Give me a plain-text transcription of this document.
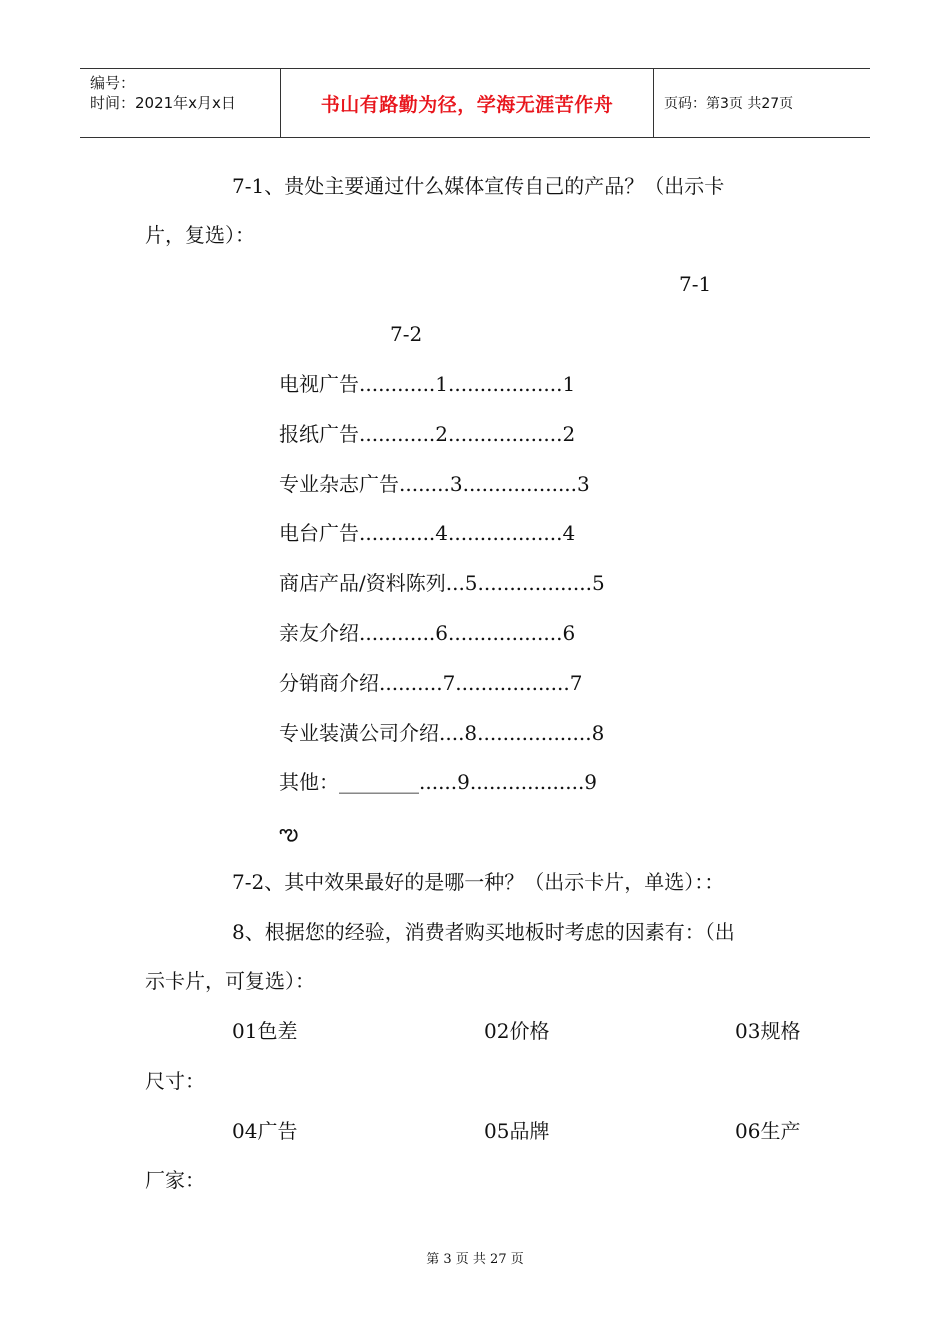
编号：
时间：2021年x月x日	书山有路勤为径，学海无涯苦作舟	页码：第3页 共27页
7-1、贵处主要通过什么媒体宣传自己的产品？（出示卡
片，复选）：
7-1
7-2
电视广告............1..................1
报纸广告............2..................2
专业杂志广告........3..................3
电台广告............4..................4
商店产品/资料陈列...5..................5
亲友介绍............6..................6
分销商介绍..........7..................7
专业装潢公司介绍....8..................8
其他：________......9..................9
ఌ
7-2、其中效果最好的是哪一种？（出示卡片，单选）：：
8、根据您的经验，消费者购买地板时考虑的因素有：（出
示卡片，可复选）：
01色差	02价格	03规格
尺寸：
04广告	05品牌	06生产
厂家：
第 3 页 共 27 页
